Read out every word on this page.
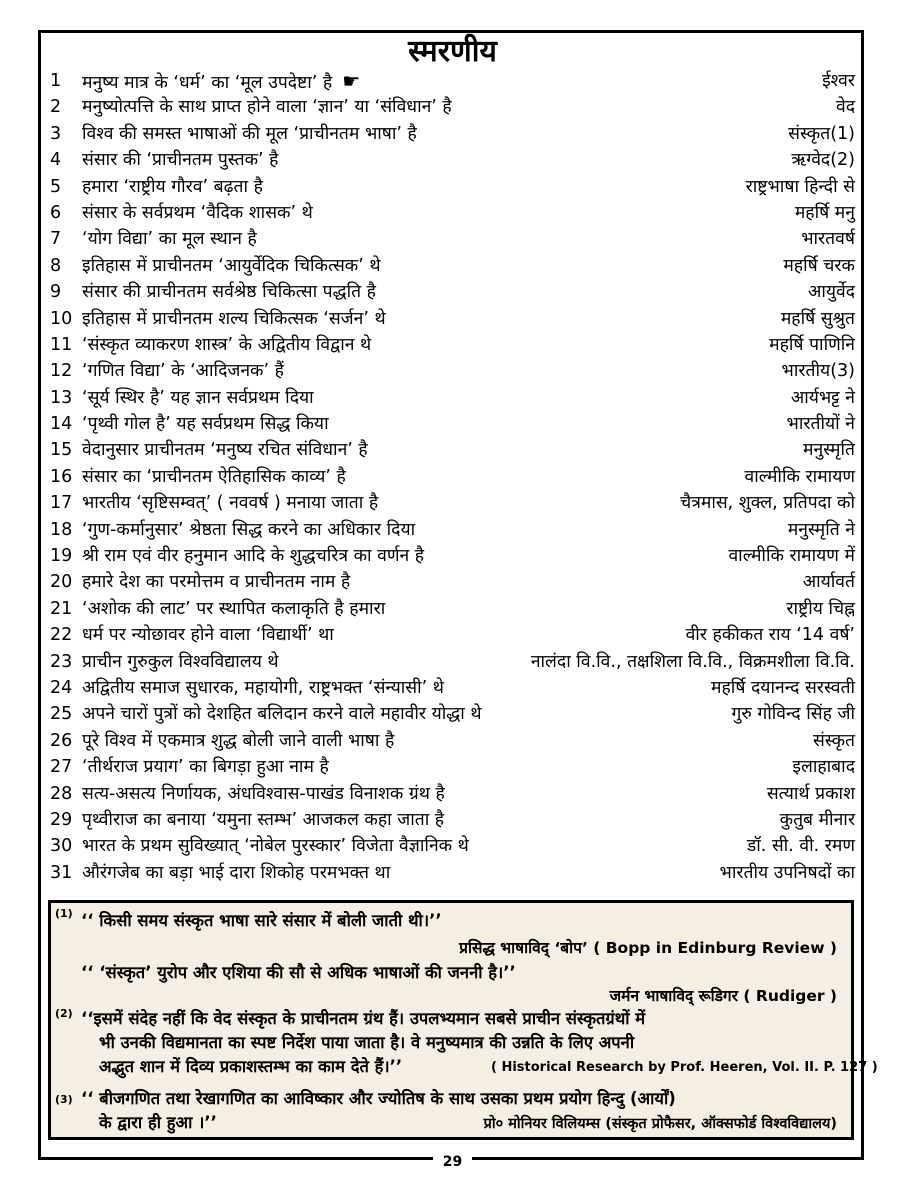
स्मरणीय
1	मनुष्य मात्र के ‘धर्म’ का ‘मूल उपदेष्टा’ है ☛	ईश्वर
2	मनुष्योत्पत्ति के साथ प्राप्त होने वाला ‘ज्ञान’ या ‘संविधान’ है	वेद
3	विश्व की समस्त भाषाओं की मूल ‘प्राचीनतम भाषा’ है	संस्कृत(1)
4	संसार की ‘प्राचीनतम पुस्तक’ है	ऋग्वेद(2)
5	हमारा ‘राष्ट्रीय गौरव’ बढ़ता है	राष्ट्रभाषा हिन्दी से
6	संसार के सर्वप्रथम ‘वैदिक शासक’ थे	महर्षि मनु
7	‘योग विद्या’ का मूल स्थान है	भारतवर्ष
8	इतिहास में प्राचीनतम ‘आयुर्वेदिक चिकित्सक’ थे	महर्षि चरक
9	संसार की प्राचीनतम सर्वश्रेष्ठ चिकित्सा पद्धति है	आयुर्वेद
10 इतिहास में प्राचीनतम शल्य चिकित्सक ‘सर्जन’ थे	महर्षि सुश्रुत
11 ‘संस्कृत व्याकरण शास्त्र’ के अद्वितीय विद्वान थे	महर्षि पाणिनि
12 ‘गणित विद्या’ के ‘आदिजनक’ हैं	भारतीय(3)
13 ‘सूर्य स्थिर है’ यह ज्ञान सर्वप्रथम दिया	आर्यभट्ट ने
14 ‘पृथ्वी गोल है’ यह सर्वप्रथम सिद्ध किया	भारतीयों ने
15 वेदानुसार प्राचीनतम ‘मनुष्य रचित संविधान’ है	मनुस्मृति
16 संसार का ‘प्राचीनतम ऐतिहासिक काव्य’ है	वाल्मीकि रामायण
17 भारतीय ‘सृष्टिसम्वत्’ ( नववर्ष ) मनाया जाता है	चैत्रमास, शुक्ल, प्रतिपदा को
18 ‘गुण-कर्मानुसार’ श्रेष्ठता सिद्ध करने का अधिकार दिया	मनुस्मृति ने
19 श्री राम एवं वीर हनुमान आदि के शुद्धचरित्र का वर्णन है	वाल्मीकि रामायण में
20 हमारे देश का परमोत्तम व प्राचीनतम नाम है	आर्यावर्त
21 ‘अशोक की लाट’ पर स्थापित कलाकृति है हमारा	राष्ट्रीय चिह्न
22 धर्म पर न्योछावर होने वाला ‘विद्यार्थी’ था	वीर हकीकत राय ‘14 वर्ष’
23 प्राचीन गुरुकुल विश्वविद्यालय थे	नालंदा वि.वि., तक्षशिला वि.वि., विक्रमशीला वि.वि.
24 अद्वितीय समाज सुधारक, महायोगी, राष्ट्रभक्त ‘संन्यासी’ थे	महर्षि दयानन्द सरस्वती
25 अपने चारों पुत्रों को देशहित बलिदान करने वाले महावीर योद्धा थे	गुरु गोविन्द सिंह जी
26 पूरे विश्व में एकमात्र शुद्ध बोली जाने वाली भाषा है	संस्कृत
27 ‘तीर्थराज प्रयाग’ का बिगड़ा हुआ नाम है	इलाहाबाद
28 सत्य-असत्य निर्णायक, अंधविश्वास-पाखंड विनाशक ग्रंथ है	सत्यार्थ प्रकाश
29 पृथ्वीराज का बनाया ‘यमुना स्तम्भ’ आजकल कहा जाता है	कुतुब मीनार
30 भारत के प्रथम सुविख्यात् ‘नोबेल पुरस्कार’ विजेता वैज्ञानिक थे	डॉ. सी. वी. रमण
31 औरंगजेब का बड़ा भाई दारा शिकोह परमभक्त था	भारतीय उपनिषदों का
(1) ‘‘ किसी समय संस्कृत भाषा सारे संसार में बोली जाती थी।’’
प्रसिद्ध भाषाविद् ‘बोप’ ( Bopp in Edinburg Review )
‘‘ ‘संस्कृत’ युरोप और एशिया की सौ से अधिक भाषाओं की जननी है।’’
जर्मन भाषाविद् रूडिगर ( Rudiger )
(2) ‘‘इसमें संदेह नहीं कि वेद संस्कृत के प्राचीनतम ग्रंथ हैं। उपलभ्यमान सबसे प्राचीन संस्कृतग्रंथों में
भी उनकी विद्यमानता का स्पष्ट निर्देश पाया जाता है। वे मनुष्यमात्र की उन्नति के लिए अपनी
अद्भुत शान में दिव्य प्रकाशस्तम्भ का काम देते हैं।’’	( Historical Research by Prof. Heeren, Vol. II. P. 127 )
(3) ‘‘ बीजगणित तथा रेखागणित का आविष्कार और ज्योतिष के साथ उसका प्रथम प्रयोग हिन्दु (आर्यों)
के द्वारा ही हुआ ।’’	प्रो० मोनियर विलियम्स (संस्कृत प्रोफैसर, ऑक्सफोर्ड विश्वविद्यालय)
29
